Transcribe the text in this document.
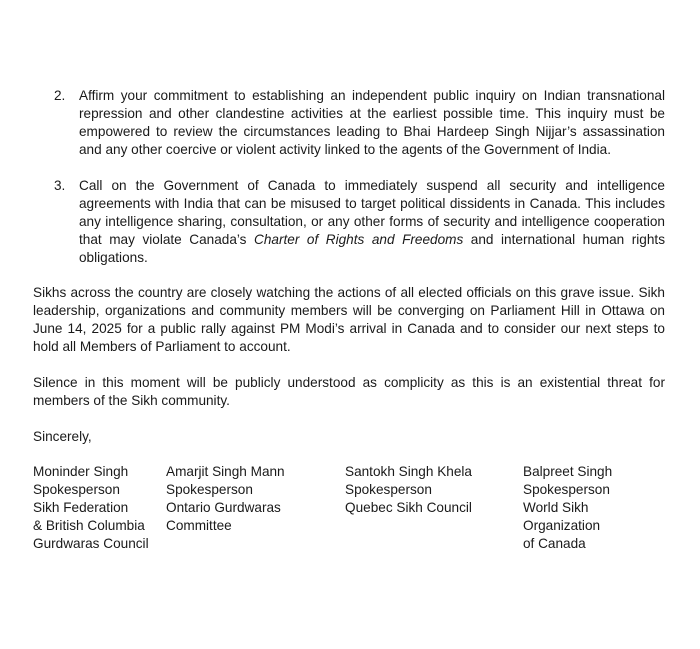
2. Affirm your commitment to establishing an independent public inquiry on Indian transnational repression and other clandestine activities at the earliest possible time. This inquiry must be empowered to review the circumstances leading to Bhai Hardeep Singh Nijjar’s assassination and any other coercive or violent activity linked to the agents of the Government of India.
3. Call on the Government of Canada to immediately suspend all security and intelligence agreements with India that can be misused to target political dissidents in Canada. This includes any intelligence sharing, consultation, or any other forms of security and intelligence cooperation that may violate Canada’s Charter of Rights and Freedoms and international human rights obligations.
Sikhs across the country are closely watching the actions of all elected officials on this grave issue. Sikh leadership, organizations and community members will be converging on Parliament Hill in Ottawa on June 14, 2025 for a public rally against PM Modi’s arrival in Canada and to consider our next steps to hold all Members of Parliament to account.
Silence in this moment will be publicly understood as complicity as this is an existential threat for members of the Sikh community.
Sincerely,
Moninder Singh
Spokesperson
Sikh Federation
& British Columbia
Gurdwaras Council
Amarjit Singh Mann
Spokesperson
Ontario Gurdwaras
Committee
Santokh Singh Khela
Spokesperson
Quebec Sikh Council
Balpreet Singh
Spokesperson
World Sikh
Organization
of Canada
